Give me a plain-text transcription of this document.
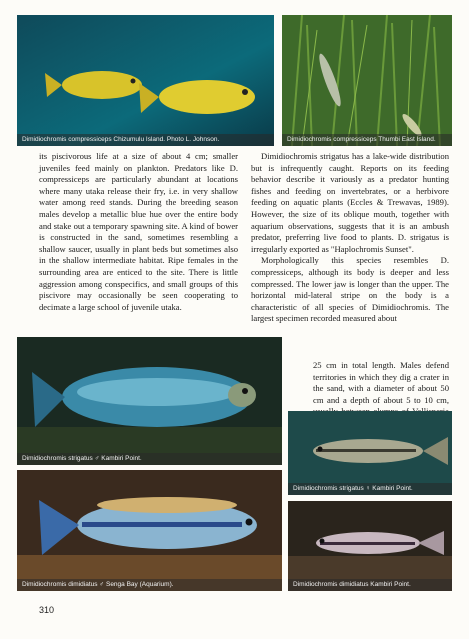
Dimidiochromis compressiceps Chizumulu Island. Photo L. Johnson.	Dimidiochromis compressiceps Thumbi East Island.

its piscivorous life at a size of about 4 cm; smaller juveniles feed mainly on plankton. Predators like D. compressiceps are particularly abundant at locations where many utaka release their fry, i.e. in very shallow water among reed stands. During the breeding season males develop a metallic blue hue over the entire body and stake out a temporary spawning site. A kind of bower is constructed in the sand, sometimes resembling a shallow saucer, usually in plant beds but sometimes also in the shallow intermediate habitat. Ripe females in the surrounding area are enticed to the site. There is little aggression among conspecifics, and small groups of this piscivore may occasionally be seen cooperating to decimate a large school of juvenile utaka.

Dimidiochromis strigatus has a lake-wide distribution but is infrequently caught. Reports on its feeding behavior describe it variously as a predator hunting fishes and feeding on invertebrates, or a herbivore feeding on aquatic plants (Eccles & Trewavas, 1989). However, the size of its oblique mouth, together with aquarium observations, suggests that it is an ambush predator, preferring live food to plants. D. strigatus is irregularly exported as "Haplochromis Sunset".

Morphologically this species resembles D. compressiceps, although its body is deeper and less compressed. The lower jaw is longer than the upper. The horizontal mid-lateral stripe on the body is a characteristic of all species of Dimidiochromis. The largest specimen recorded measured about

25 cm in total length. Males defend territories in which they dig a crater in the sand, with a diameter of about 50 cm and a depth of about 5 to 10 cm,

Dimidiochromis strigatus ♂ Kambiri Point.
Dimidiochromis strigatus ♀ Kambiri Point.
Dimidiochromis dimidiatus ♂ Senga Bay (Aquarium).	Dimidiochromis dimidiatus Kambiri Point.
310
